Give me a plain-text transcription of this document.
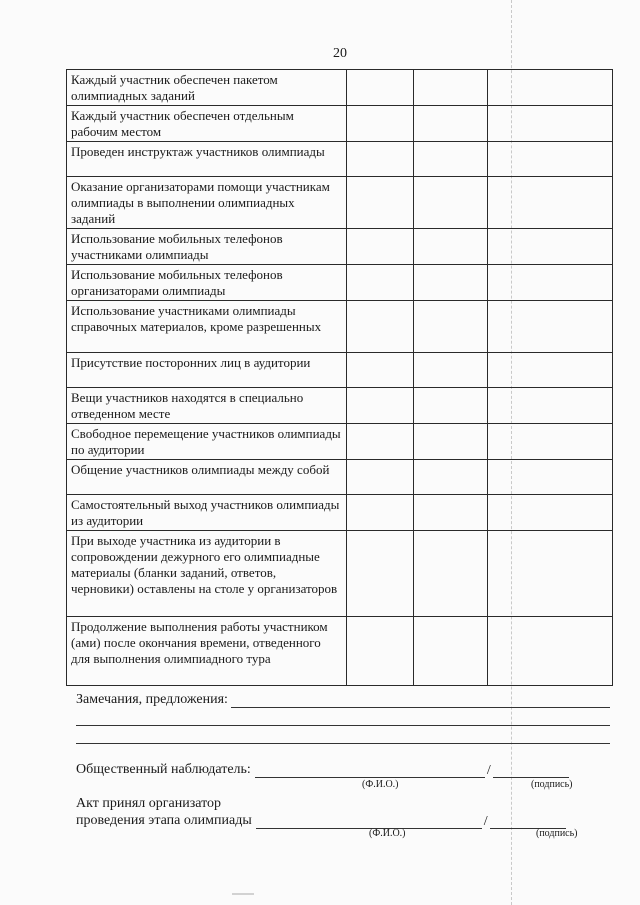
20
Каждый участник обеспечен пакетом олимпиадных заданий			
Каждый участник обеспечен отдельным рабочим местом			
Проведен инструктаж участников олимпиады			
Оказание организаторами помощи участникам олимпиады в выполнении олимпиадных заданий			
Использование мобильных телефонов участниками олимпиады			
Использование мобильных телефонов организаторами олимпиады			
Использование участниками олимпиады справочных материалов, кроме разрешенных			
Присутствие посторонних лиц в аудитории			
Вещи участников находятся в специально отведенном месте			
Свободное перемещение участников олимпиады по аудитории			
Общение участников олимпиады между собой			
Самостоятельный выход участников олимпиады из аудитории			
При выходе участника из аудитории в сопровождении дежурного его олимпиадные материалы (бланки заданий, ответов, черновики) оставлены на столе у организаторов			
Продолжение выполнения работы участником (ами) после окончания времени, отведенного для выполнения олимпиадного тура			
Замечания, предложения:
Общественный наблюдатель:	/
(Ф.И.О.)	(подпись)
Акт принял организатор
проведения этапа олимпиады	/
(Ф.И.О.)	(подпись)
